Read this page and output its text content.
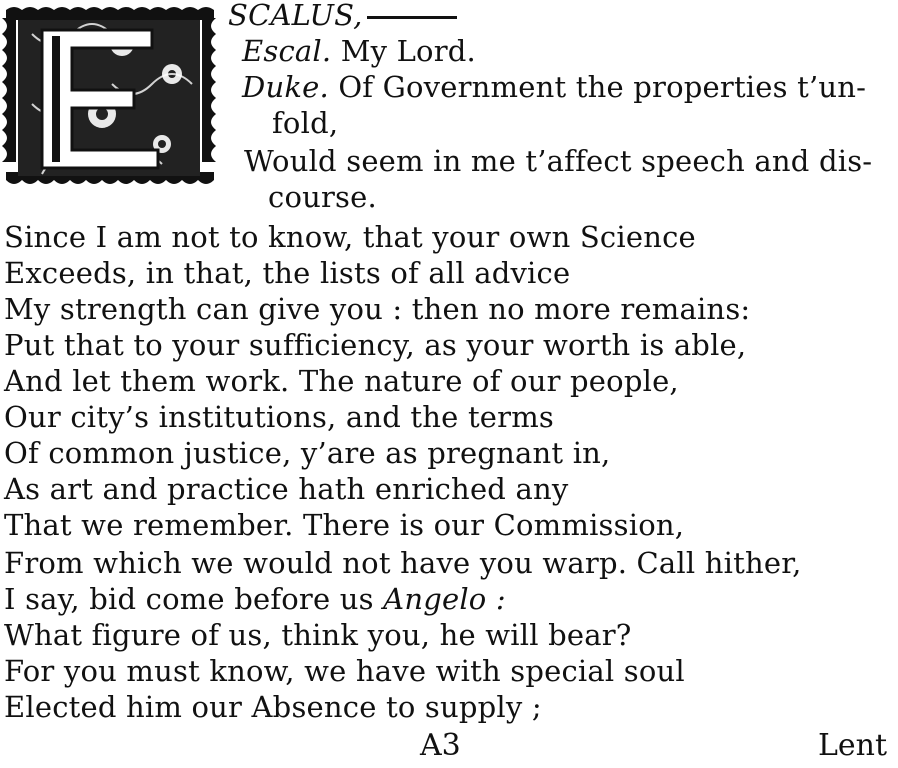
SCALUS,
Escal. My Lord.
Duke. Of Government the properties t’un-
fold,
Would seem in me t’affect speech and dis-
course.
Since I am not to know, that your own Science
Exceeds, in that, the lists of all advice
My strength can give you : then no more remains:
Put that to your sufficiency, as your worth is able,
And let them work. The nature of our people,
Our city’s institutions, and the terms
Of common justice, y’are as pregnant in,
As art and practice hath enriched any
That we remember. There is our Commission,
From which we would not have you warp. Call hither,
I say, bid come before us Angelo :
What figure of us, think you, he will bear?
For you must know, we have with special soul
Elected him our Absence to supply ;
A3	Lent
